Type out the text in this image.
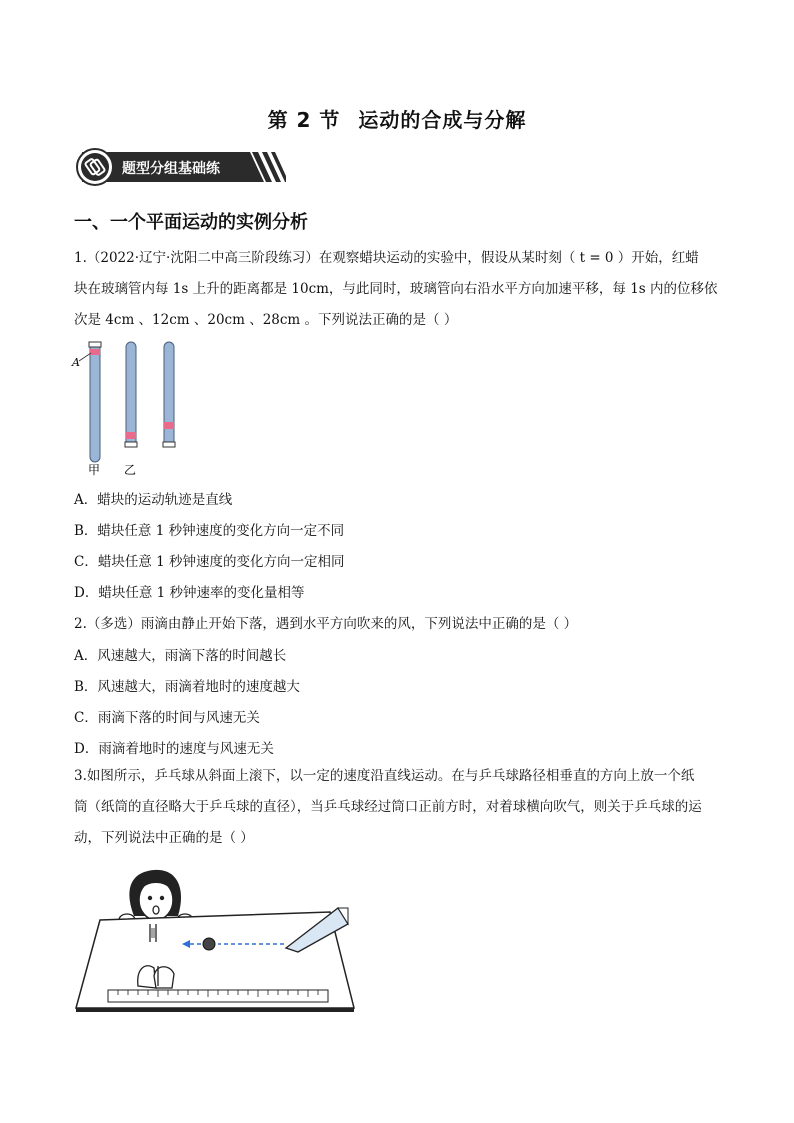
第 2 节 运动的合成与分解
题型分组基础练
一、一个平面运动的实例分析
1.（2022·辽宁·沈阳二中高三阶段练习）在观察蜡块运动的实验中，假设从某时刻（ t = 0 ）开始，红蜡
块在玻璃管内每 1s 上升的距离都是 10cm，与此同时，玻璃管向右沿水平方向加速平移，每 1s 内的位移依
次是 4cm 、12cm 、20cm 、28cm 。下列说法正确的是（ ）
A
甲 乙
A．蜡块的运动轨迹是直线
B．蜡块任意 1 秒钟速度的变化方向一定不同
C．蜡块任意 1 秒钟速度的变化方向一定相同
D．蜡块任意 1 秒钟速率的变化量相等
2.（多选）雨滴由静止开始下落，遇到水平方向吹来的风，下列说法中正确的是（ ）
A．风速越大，雨滴下落的时间越长
B．风速越大，雨滴着地时的速度越大
C．雨滴下落的时间与风速无关
D．雨滴着地时的速度与风速无关
3.如图所示，乒乓球从斜面上滚下，以一定的速度沿直线运动。在与乒乓球路径相垂直的方向上放一个纸
筒（纸筒的直径略大于乒乓球的直径），当乒乓球经过筒口正前方时，对着球横向吹气，则关于乒乓球的运
动，下列说法中正确的是（ ）
